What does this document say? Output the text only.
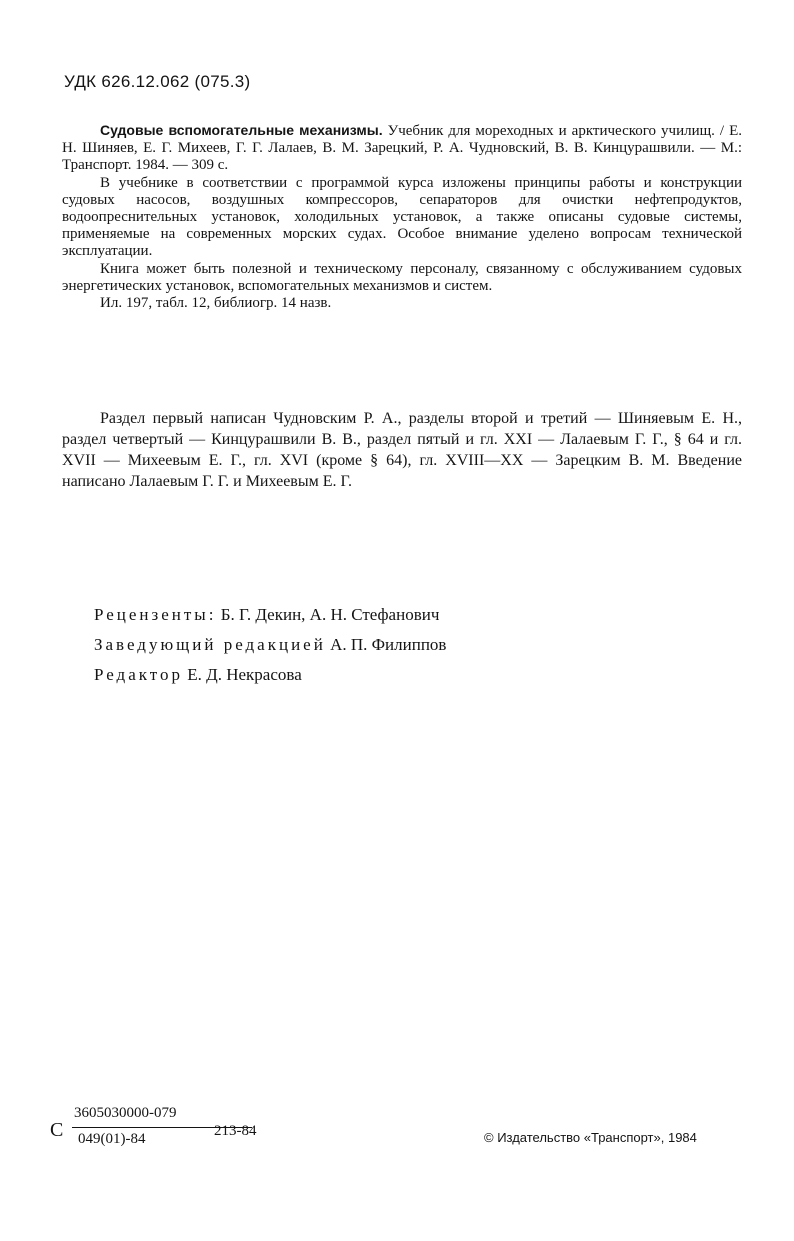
УДК 626.12.062 (075.3)

Судовые вспомогательные механизмы. Учебник для мореходных и арктического училищ. / Е. Н. Шиняев, Е. Г. Михеев, Г. Г. Лалаев, В. М. Зарецкий, Р. А. Чудновский, В. В. Кинцурашвили. — М.: Транспорт. 1984. — 309 с.

В учебнике в соответствии с программой курса изложены принципы работы и конструкции судовых насосов, воздушных компрессоров, сепараторов для очистки нефтепродуктов, водоопреснительных установок, холодильных установок, а также описаны судовые системы, применяемые на современных морских судах. Особое внимание уделено вопросам технической эксплуатации.

Книга может быть полезной и техническому персоналу, связанному с обслуживанием судовых энергетических установок, вспомогательных механизмов и систем.

Ил. 197, табл. 12, библиогр. 14 назв.

Раздел первый написан Чудновским Р. А., разделы второй и третий — Шиняевым Е. Н., раздел четвертый — Кинцурашвили В. В., раздел пятый и гл. XXI — Лалаевым Г. Г., § 64 и гл. XVII — Михеевым Е. Г., гл. XVI (кроме § 64), гл. XVIII—XX — Зарецким В. М. Введение написано Лалаевым Г. Г. и Михеевым Е. Г.

Рецензенты: Б. Г. Декин, А. Н. Стефанович
Заведующий редакцией А. П. Филиппов
Редактор Е. Д. Некрасова
С
3605030000-079
049(01)-84	213-84	© Издательство «Транспорт», 1984
